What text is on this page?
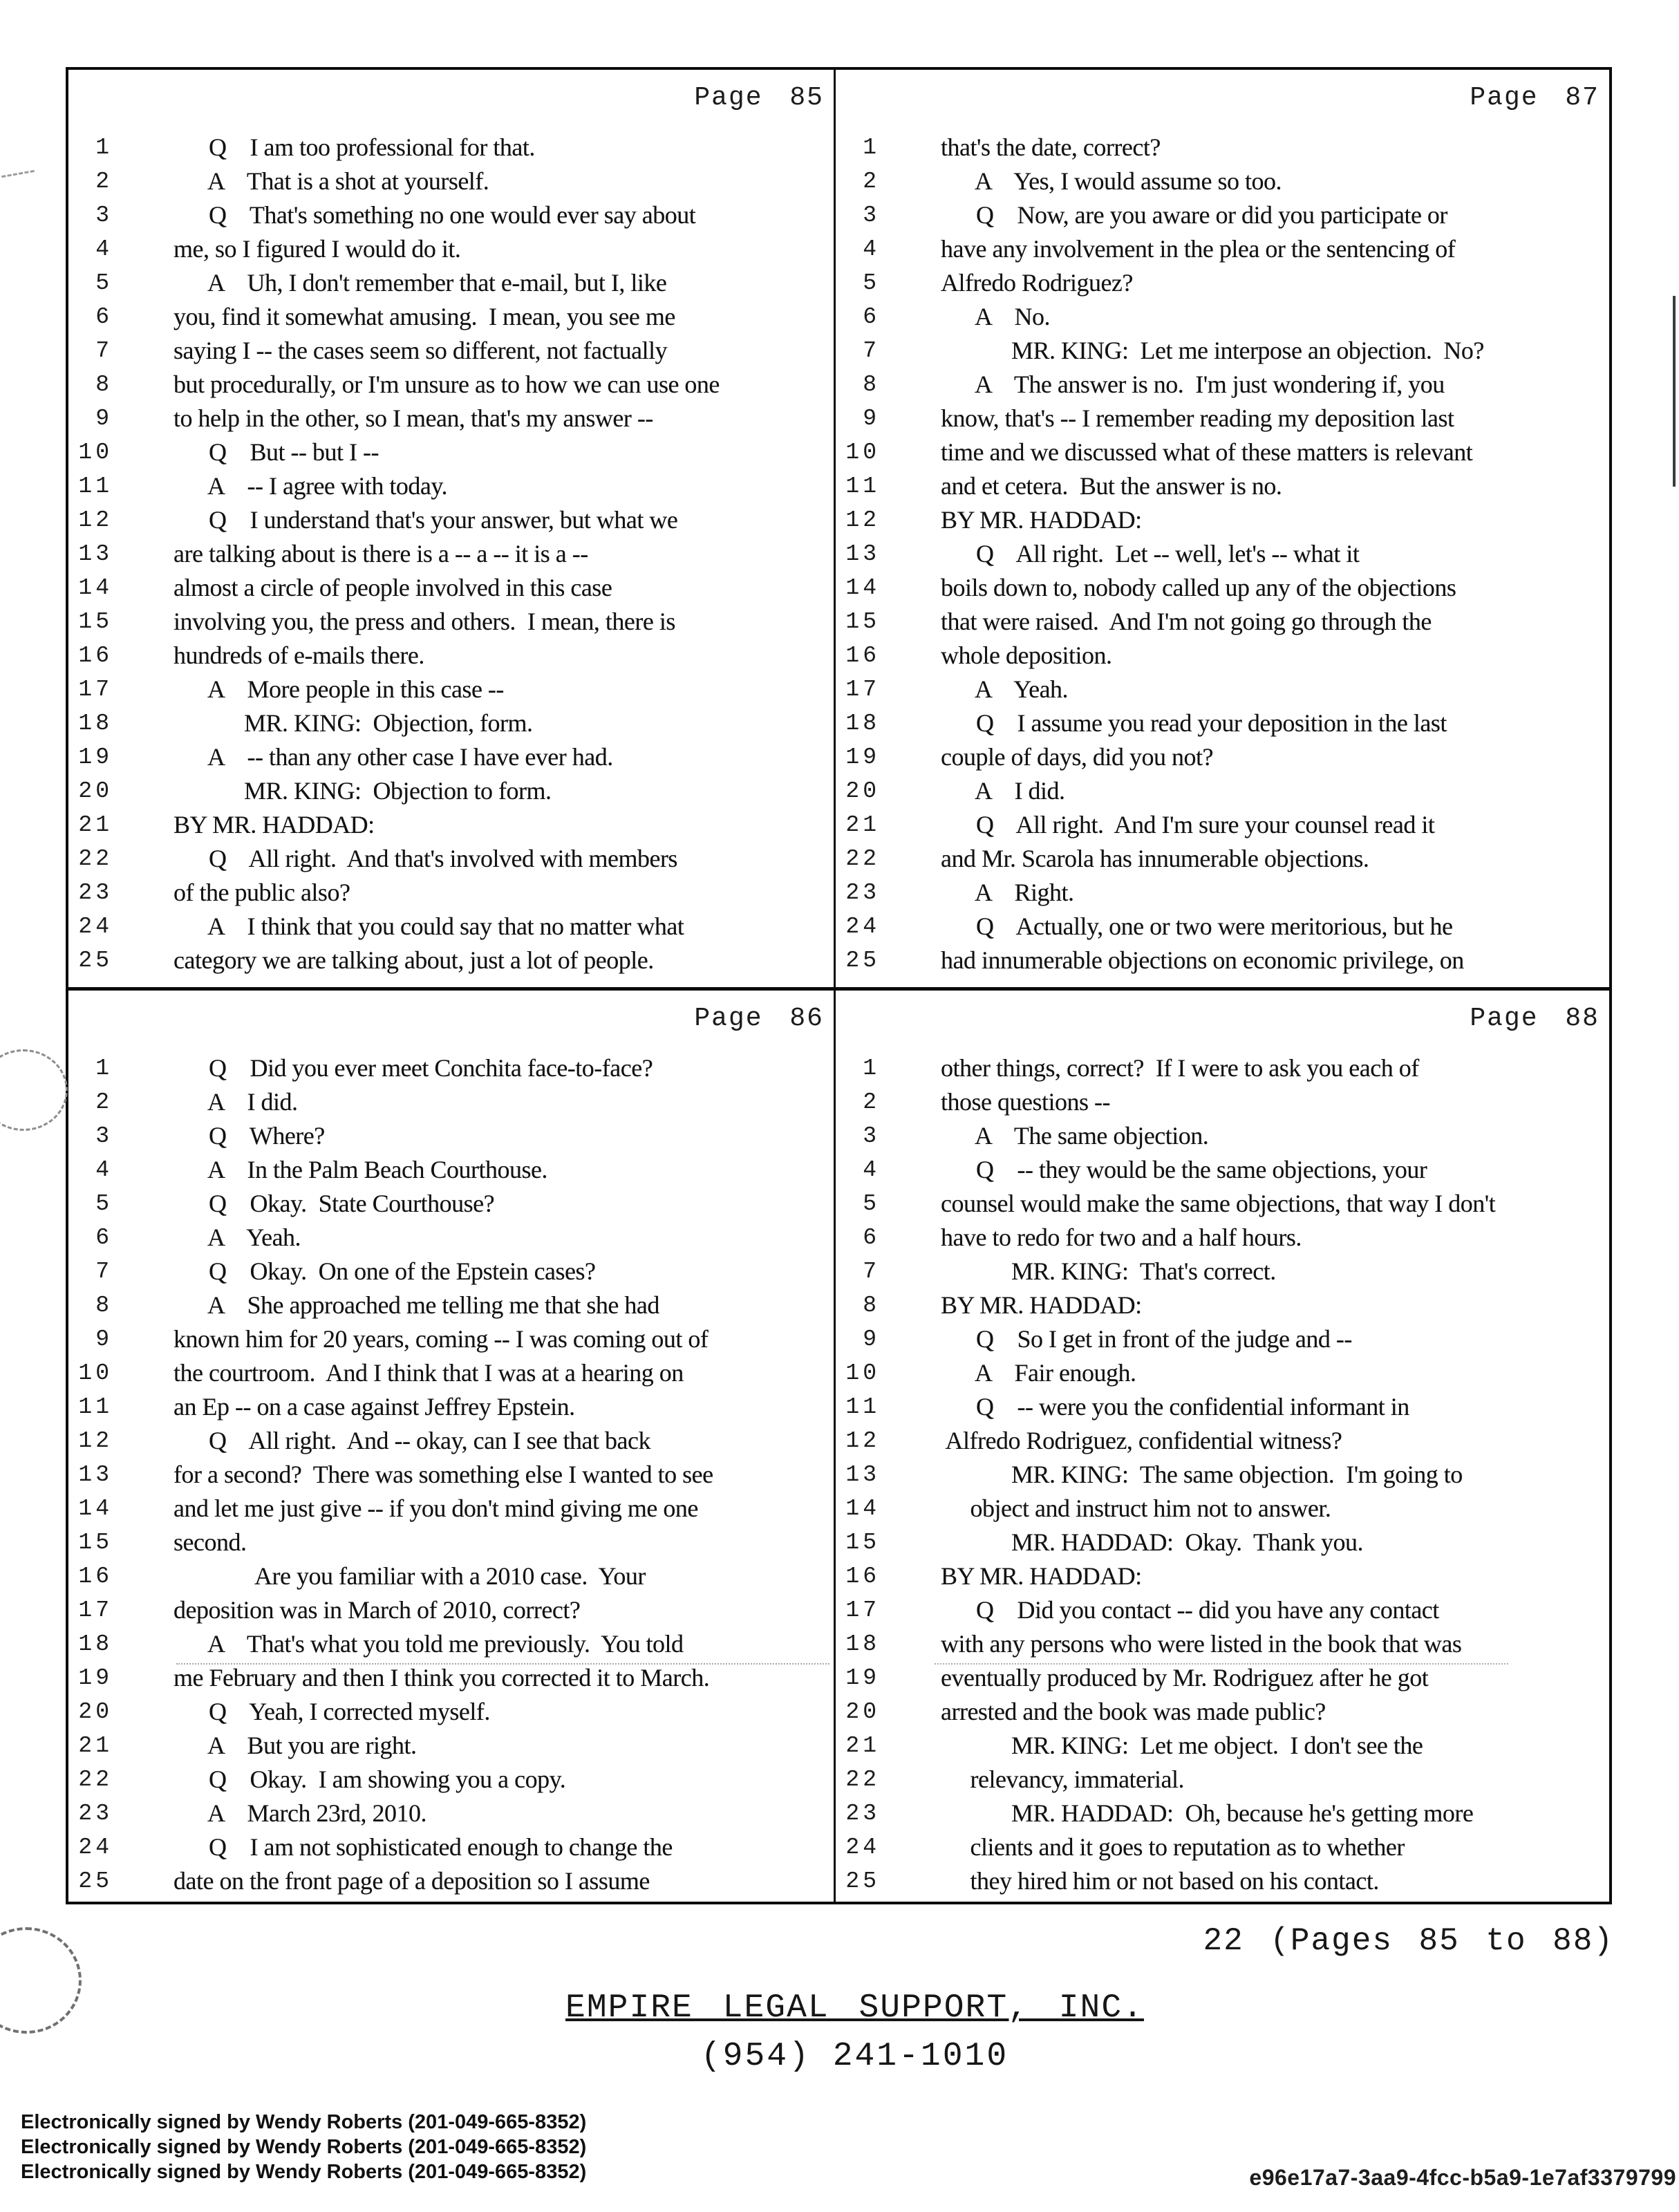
Page 85
1 Q    I am too professional for that.
2 A    That is a shot at yourself.
3 Q    That's something no one would ever say about
4 me, so I figured I would do it.
5 A    Uh, I don't remember that e-mail, but I, like
6 you, find it somewhat amusing.  I mean, you see me
7 saying I -- the cases seem so different, not factually
8 but procedurally, or I'm unsure as to how we can use one
9 to help in the other, so I mean, that's my answer --
10 Q    But -- but I --
11 A    -- I agree with today.
12 Q    I understand that's your answer, but what we
13 are talking about is there is a -- a -- it is a --
14 almost a circle of people involved in this case
15 involving you, the press and others.  I mean, there is
16 hundreds of e-mails there.
17 A    More people in this case --
18 MR. KING:  Objection, form.
19 A    -- than any other case I have ever had.
20 MR. KING:  Objection to form.
21 BY MR. HADDAD:
22 Q    All right.  And that's involved with members
23 of the public also?
24 A    I think that you could say that no matter what
25 category we are talking about, just a lot of people.
Page 87
1 that's the date, correct?
2 A    Yes, I would assume so too.
3 Q    Now, are you aware or did you participate or
4 have any involvement in the plea or the sentencing of
5 Alfredo Rodriguez?
6 A    No.
7 MR. KING:  Let me interpose an objection.  No?
8 A    The answer is no.  I'm just wondering if, you
9 know, that's -- I remember reading my deposition last
10 time and we discussed what of these matters is relevant
11 and et cetera.  But the answer is no.
12 BY MR. HADDAD:
13 Q    All right.  Let -- well, let's -- what it
14 boils down to, nobody called up any of the objections
15 that were raised.  And I'm not going go through the
16 whole deposition.
17 A    Yeah.
18 Q    I assume you read your deposition in the last
19 couple of days, did you not?
20 A    I did.
21 Q    All right.  And I'm sure your counsel read it
22 and Mr. Scarola has innumerable objections.
23 A    Right.
24 Q    Actually, one or two were meritorious, but he
25 had innumerable objections on economic privilege, on
Page 86
1 Q    Did you ever meet Conchita face-to-face?
2 A    I did.
3 Q    Where?
4 A    In the Palm Beach Courthouse.
5 Q    Okay.  State Courthouse?
6 A    Yeah.
7 Q    Okay.  On one of the Epstein cases?
8 A    She approached me telling me that she had
9 known him for 20 years, coming -- I was coming out of
10 the courtroom.  And I think that I was at a hearing on
11 an Ep -- on a case against Jeffrey Epstein.
12 Q    All right.  And -- okay, can I see that back
13 for a second?  There was something else I wanted to see
14 and let me just give -- if you don't mind giving me one
15 second.
16 Are you familiar with a 2010 case.  Your
17 deposition was in March of 2010, correct?
18 A    That's what you told me previously.  You told
19 me February and then I think you corrected it to March.
20 Q    Yeah, I corrected myself.
21 A    But you are right.
22 Q    Okay.  I am showing you a copy.
23 A    March 23rd, 2010.
24 Q    I am not sophisticated enough to change the
25 date on the front page of a deposition so I assume
Page 88
1 other things, correct?  If I were to ask you each of
2 those questions --
3 A    The same objection.
4 Q    -- they would be the same objections, your
5 counsel would make the same objections, that way I don't
6 have to redo for two and a half hours.
7 MR. KING:  That's correct.
8 BY MR. HADDAD:
9 Q    So I get in front of the judge and --
10 A    Fair enough.
11 Q    -- were you the confidential informant in
12 Alfredo Rodriguez, confidential witness?
13 MR. KING:  The same objection.  I'm going to
14 object and instruct him not to answer.
15 MR. HADDAD:  Okay.  Thank you.
16 BY MR. HADDAD:
17 Q    Did you contact -- did you have any contact
18 with any persons who were listed in the book that was
19 eventually produced by Mr. Rodriguez after he got
20 arrested and the book was made public?
21 MR. KING:  Let me object.  I don't see the
22 relevancy, immaterial.
23 MR. HADDAD:  Oh, because he's getting more
24 clients and it goes to reputation as to whether
25 they hired him or not based on his contact.
22 (Pages 85 to 88)
EMPIRE LEGAL SUPPORT, INC.
(954) 241-1010
Electronically signed by Wendy Roberts (201-049-665-8352)
Electronically signed by Wendy Roberts (201-049-665-8352)
Electronically signed by Wendy Roberts (201-049-665-8352)	e96e17a7-3aa9-4fcc-b5a9-1e7af3379799
